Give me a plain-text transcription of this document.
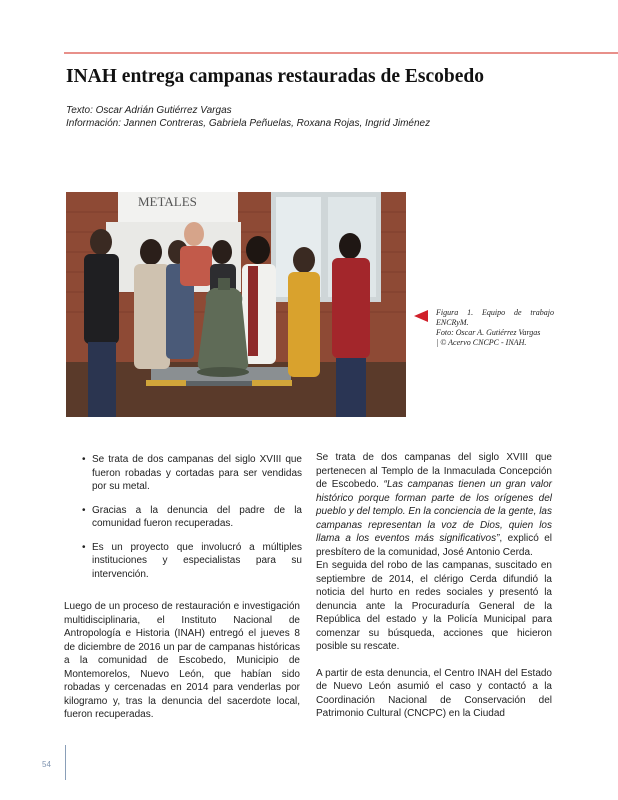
INAH entrega campanas restauradas de Escobedo
Texto: Oscar Adrián Gutiérrez Vargas
Información: Jannen Contreras, Gabriela Peñuelas, Roxana Rojas, Ingrid Jiménez
METALES
Figura 1. Equipo de trabajo
ENCRyM.
Foto: Oscar A. Gutiérrez Vargas
| © Acervo CNCPC - INAH.
• Se trata de dos campanas del siglo XVIII que fueron robadas y cortadas para ser vendidas por su metal.
• Gracias a la denuncia del padre de la comunidad fueron recuperadas.
• Es un proyecto que involucró a múltiples instituciones y especialistas para su intervención.

Luego de un proceso de restauración e investigación multidisciplinaria, el Instituto Nacional de Antropología e Historia (INAH) entregó el jueves 8 de diciembre de 2016 un par de campanas históricas a la comunidad de Escobedo, Municipio de Montemorelos, Nuevo León, que habían sido robadas y cercenadas en 2014 para venderlas por kilogramo y, tras la denuncia del sacerdote local, fueron recuperadas.

Se trata de dos campanas del siglo XVIII que pertenecen al Templo de la Inmaculada Concepción de Escobedo. “Las campanas tienen un gran valor histórico porque forman parte de los orígenes del pueblo y del templo. En la conciencia de la gente, las campanas representan la voz de Dios, quien los llama a los eventos más significativos”, explicó el presbítero de la comunidad, José Antonio Cerda.

En seguida del robo de las campanas, suscitado en septiembre de 2014, el clérigo Cerda difundió la noticia del hurto en redes sociales y presentó la denuncia ante la Procuraduría General de la República del estado y la Policía Municipal para comenzar su búsqueda, acciones que hicieron posible su rescate.

A partir de esta denuncia, el Centro INAH del Estado de Nuevo León asumió el caso y contactó a la Coordinación Nacional de Conservación del Patrimonio Cultural (CNCPC) en la Ciudad

54
